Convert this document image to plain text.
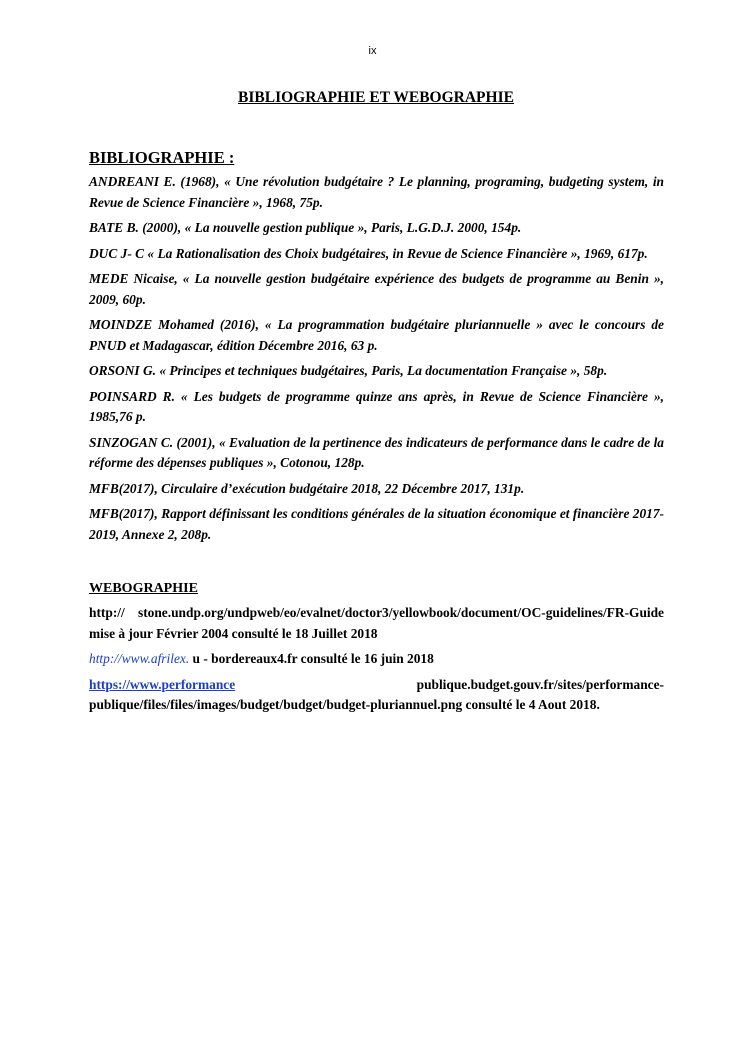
ix
BIBLIOGRAPHIE ET WEBOGRAPHIE
BIBLIOGRAPHIE :

ANDREANI E. (1968), « Une révolution budgétaire ? Le planning, programing, budgeting system, in Revue de Science Financière », 1968, 75p.

BATE B. (2000), « La nouvelle gestion publique », Paris, L.G.D.J. 2000, 154p.

DUC J- C « La Rationalisation des Choix budgétaires, in Revue de Science Financière », 1969, 617p.

MEDE Nicaise, « La nouvelle gestion budgétaire expérience des budgets de programme au Benin », 2009, 60p.

MOINDZE Mohamed (2016), « La programmation budgétaire pluriannuelle » avec le concours de PNUD et Madagascar, édition Décembre 2016, 63 p.

ORSONI G. « Principes et techniques budgétaires, Paris, La documentation Française », 58p.

POINSARD R. « Les budgets de programme quinze ans après, in Revue de Science Financière », 1985,76 p.

SINZOGAN C. (2001), « Evaluation de la pertinence des indicateurs de performance dans le cadre de la réforme des dépenses publiques », Cotonou, 128p.

MFB(2017), Circulaire d’exécution budgétaire 2018, 22 Décembre 2017, 131p.

MFB(2017), Rapport définissant les conditions générales de la situation économique et financière 2017-2019, Annexe 2, 208p.

WEBOGRAPHIE

http:// stone.undp.org/undpweb/eo/evalnet/doctor3/yellowbook/document/OC-guidelines/FR-Guide mise à jour Février 2004 consulté le 18 Juillet 2018

http://www.afrilex. u - bordereaux4.fr consulté le 16 juin 2018

https://www.performance	publique.budget.gouv.fr/sites/performance-
publique/files/files/images/budget/budget/budget-pluriannuel.png consulté le 4 Aout 2018.
